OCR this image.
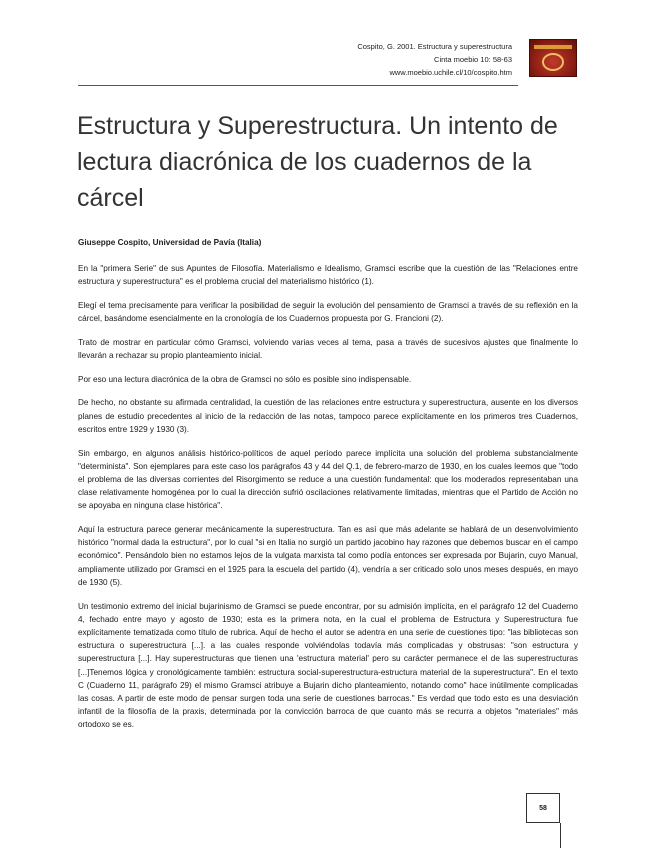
Cospito, G. 2001. Estructura y superestructura
Cinta moebio 10: 58-63
www.moebio.uchile.cl/10/cospito.htm
Estructura y Superestructura. Un intento de lectura diacrónica de los cuadernos de la cárcel
Giuseppe Cospito, Universidad de Pavía (Italia)

En la "primera Serie" de sus Apuntes de Filosofía. Materialismo e Idealismo, Gramsci escribe que la cuestión de las "Relaciones entre estructura y superestructura" es el problema crucial del materialismo histórico (1).

Elegí el tema precisamente para verificar la posibilidad de seguir la evolución del pensamiento de Gramsci a través de su reflexión en la cárcel, basándome esencialmente en la cronología de los Cuadernos propuesta por G. Francioni (2).

Trato de mostrar en particular cómo Gramsci, volviendo varias veces al tema, pasa a través de sucesivos ajustes que finalmente lo llevarán a rechazar su propio planteamiento inicial.

Por eso una lectura diacrónica de la obra de Gramsci no sólo es posible sino indispensable.

De hecho, no obstante su afirmada centralidad, la cuestión de las relaciones entre estructura y superestructura, ausente en los diversos planes de estudio precedentes al inicio de la redacción de las notas, tampoco parece explícitamente en los primeros tres Cuadernos, escritos entre 1929 y 1930 (3).

Sin embargo, en algunos análisis histórico-políticos de aquel período parece implícita una solución del problema substancialmente "determinista". Son ejemplares para este caso los parágrafos 43 y 44 del Q.1, de febrero-marzo de 1930, en los cuales leemos que "todo el problema de las diversas corrientes del Risorgimento se reduce a una cuestión fundamental: que los moderados representaban una clase relativamente homogénea por lo cual la dirección sufrió oscilaciones relativamente limitadas, mientras que el Partido de Acción no se apoyaba en ninguna clase histórica".

Aquí la estructura parece generar mecánicamente la superestructura. Tan es así que más adelante se hablará de un desenvolvimiento histórico "normal dada la estructura", por lo cual "si en Italia no surgió un partido jacobino hay razones que debemos buscar en el campo económico". Pensándolo bien no estamos lejos de la vulgata marxista tal como podía entonces ser expresada por Bujarin, cuyo Manual, ampliamente utilizado por Gramsci en el 1925 para la escuela del partido (4), vendría a ser criticado solo unos meses después, en mayo de 1930 (5).

Un testimonio extremo del inicial bujarinismo de Gramsci se puede encontrar, por su admisión implícita, en el parágrafo 12 del Cuaderno 4, fechado entre mayo y agosto de 1930; esta es la primera nota, en la cual el problema de Estructura y Superestructura fue explícitamente tematizada como título de rubrica. Aquí de hecho el autor se adentra en una serie de cuestiones tipo: "las bibliotecas son estructura o superestructura [...]. a las cuales responde volviéndolas todavía más complicadas y obstrusas: "son estructura y superestructura [...]. Hay superestructuras que tienen una 'estructura material' pero su carácter permanece el de las superestructuras [...]Tenemos lógica y cronológicamente también: estructura social-superestructura-estructura material de la superestructura". En el texto C (Cuaderno 11, parágrafo 29) el mismo Gramsci atribuye a Bujarin dicho planteamiento, notando como" hace inútilmente complicadas las cosas. A partir de este modo de pensar surgen toda una serie de cuestiones barrocas." Es verdad que todo esto es una desviación infantil de la filosofía de la praxis, determinada por la convicción barroca de que cuanto más se recurra a objetos "materiales" más ortodoxo se es.

58
